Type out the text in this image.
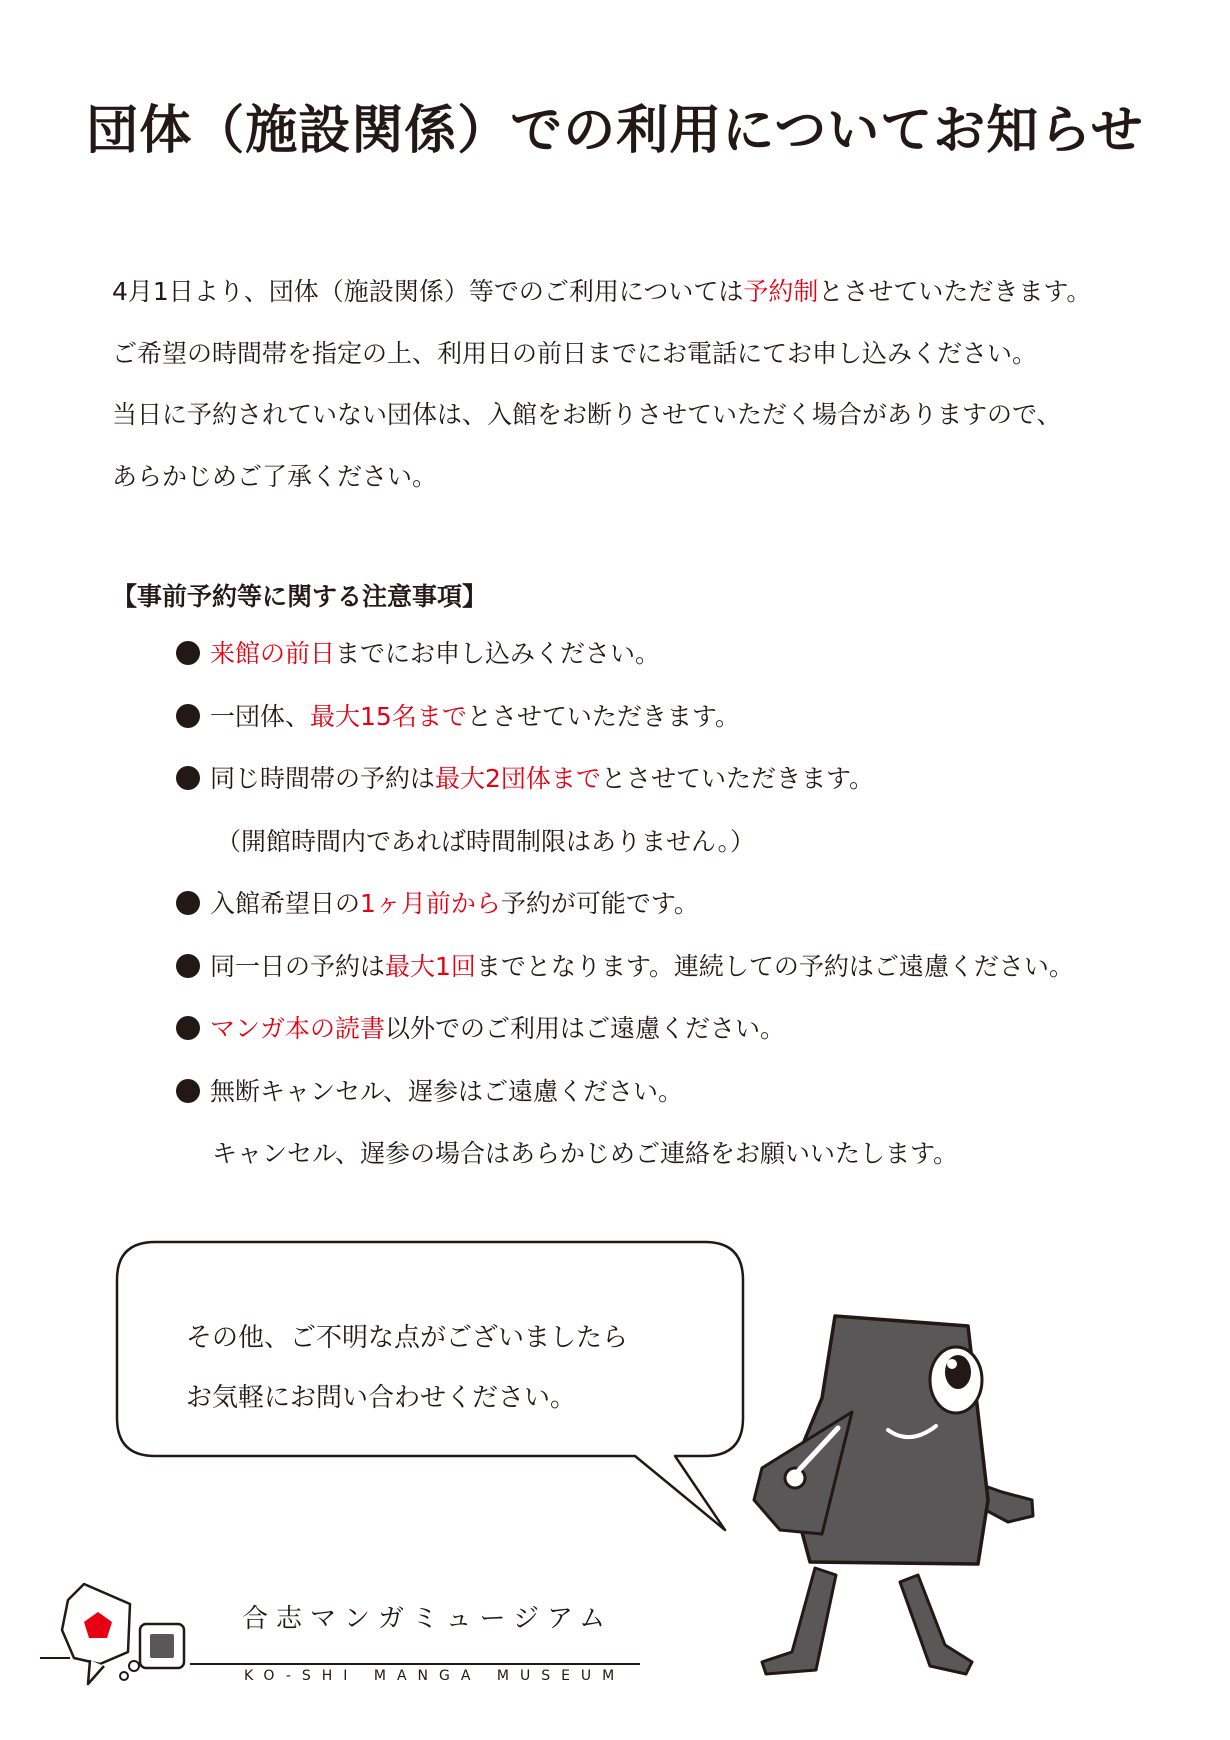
団体（施設関係）での利用についてお知らせ

4月1日より、団体（施設関係）等でのご利用については予約制とさせていただきます。

ご希望の時間帯を指定の上、利用日の前日までにお電話にてお申し込みください。

当日に予約されていない団体は、入館をお断りさせていただく場合がありますので、

あらかじめご了承ください。

【事前予約等に関する注意事項】
来館の前日までにお申し込みください。
一団体、最大15名までとさせていただきます。
同じ時間帯の予約は最大2団体までとさせていただきます。
（開館時間内であれば時間制限はありません。）
入館希望日の1ヶ月前から予約が可能です。
同一日の予約は最大1回までとなります。連続しての予約はご遠慮ください。
マンガ本の読書以外でのご利用はご遠慮ください。
無断キャンセル、遅参はご遠慮ください。
キャンセル、遅参の場合はあらかじめご連絡をお願いいたします。
その他、ご不明な点がございましたら
お気軽にお問い合わせください。
合志マンガミュージアム
KO-SHI MANGA MUSEUM
